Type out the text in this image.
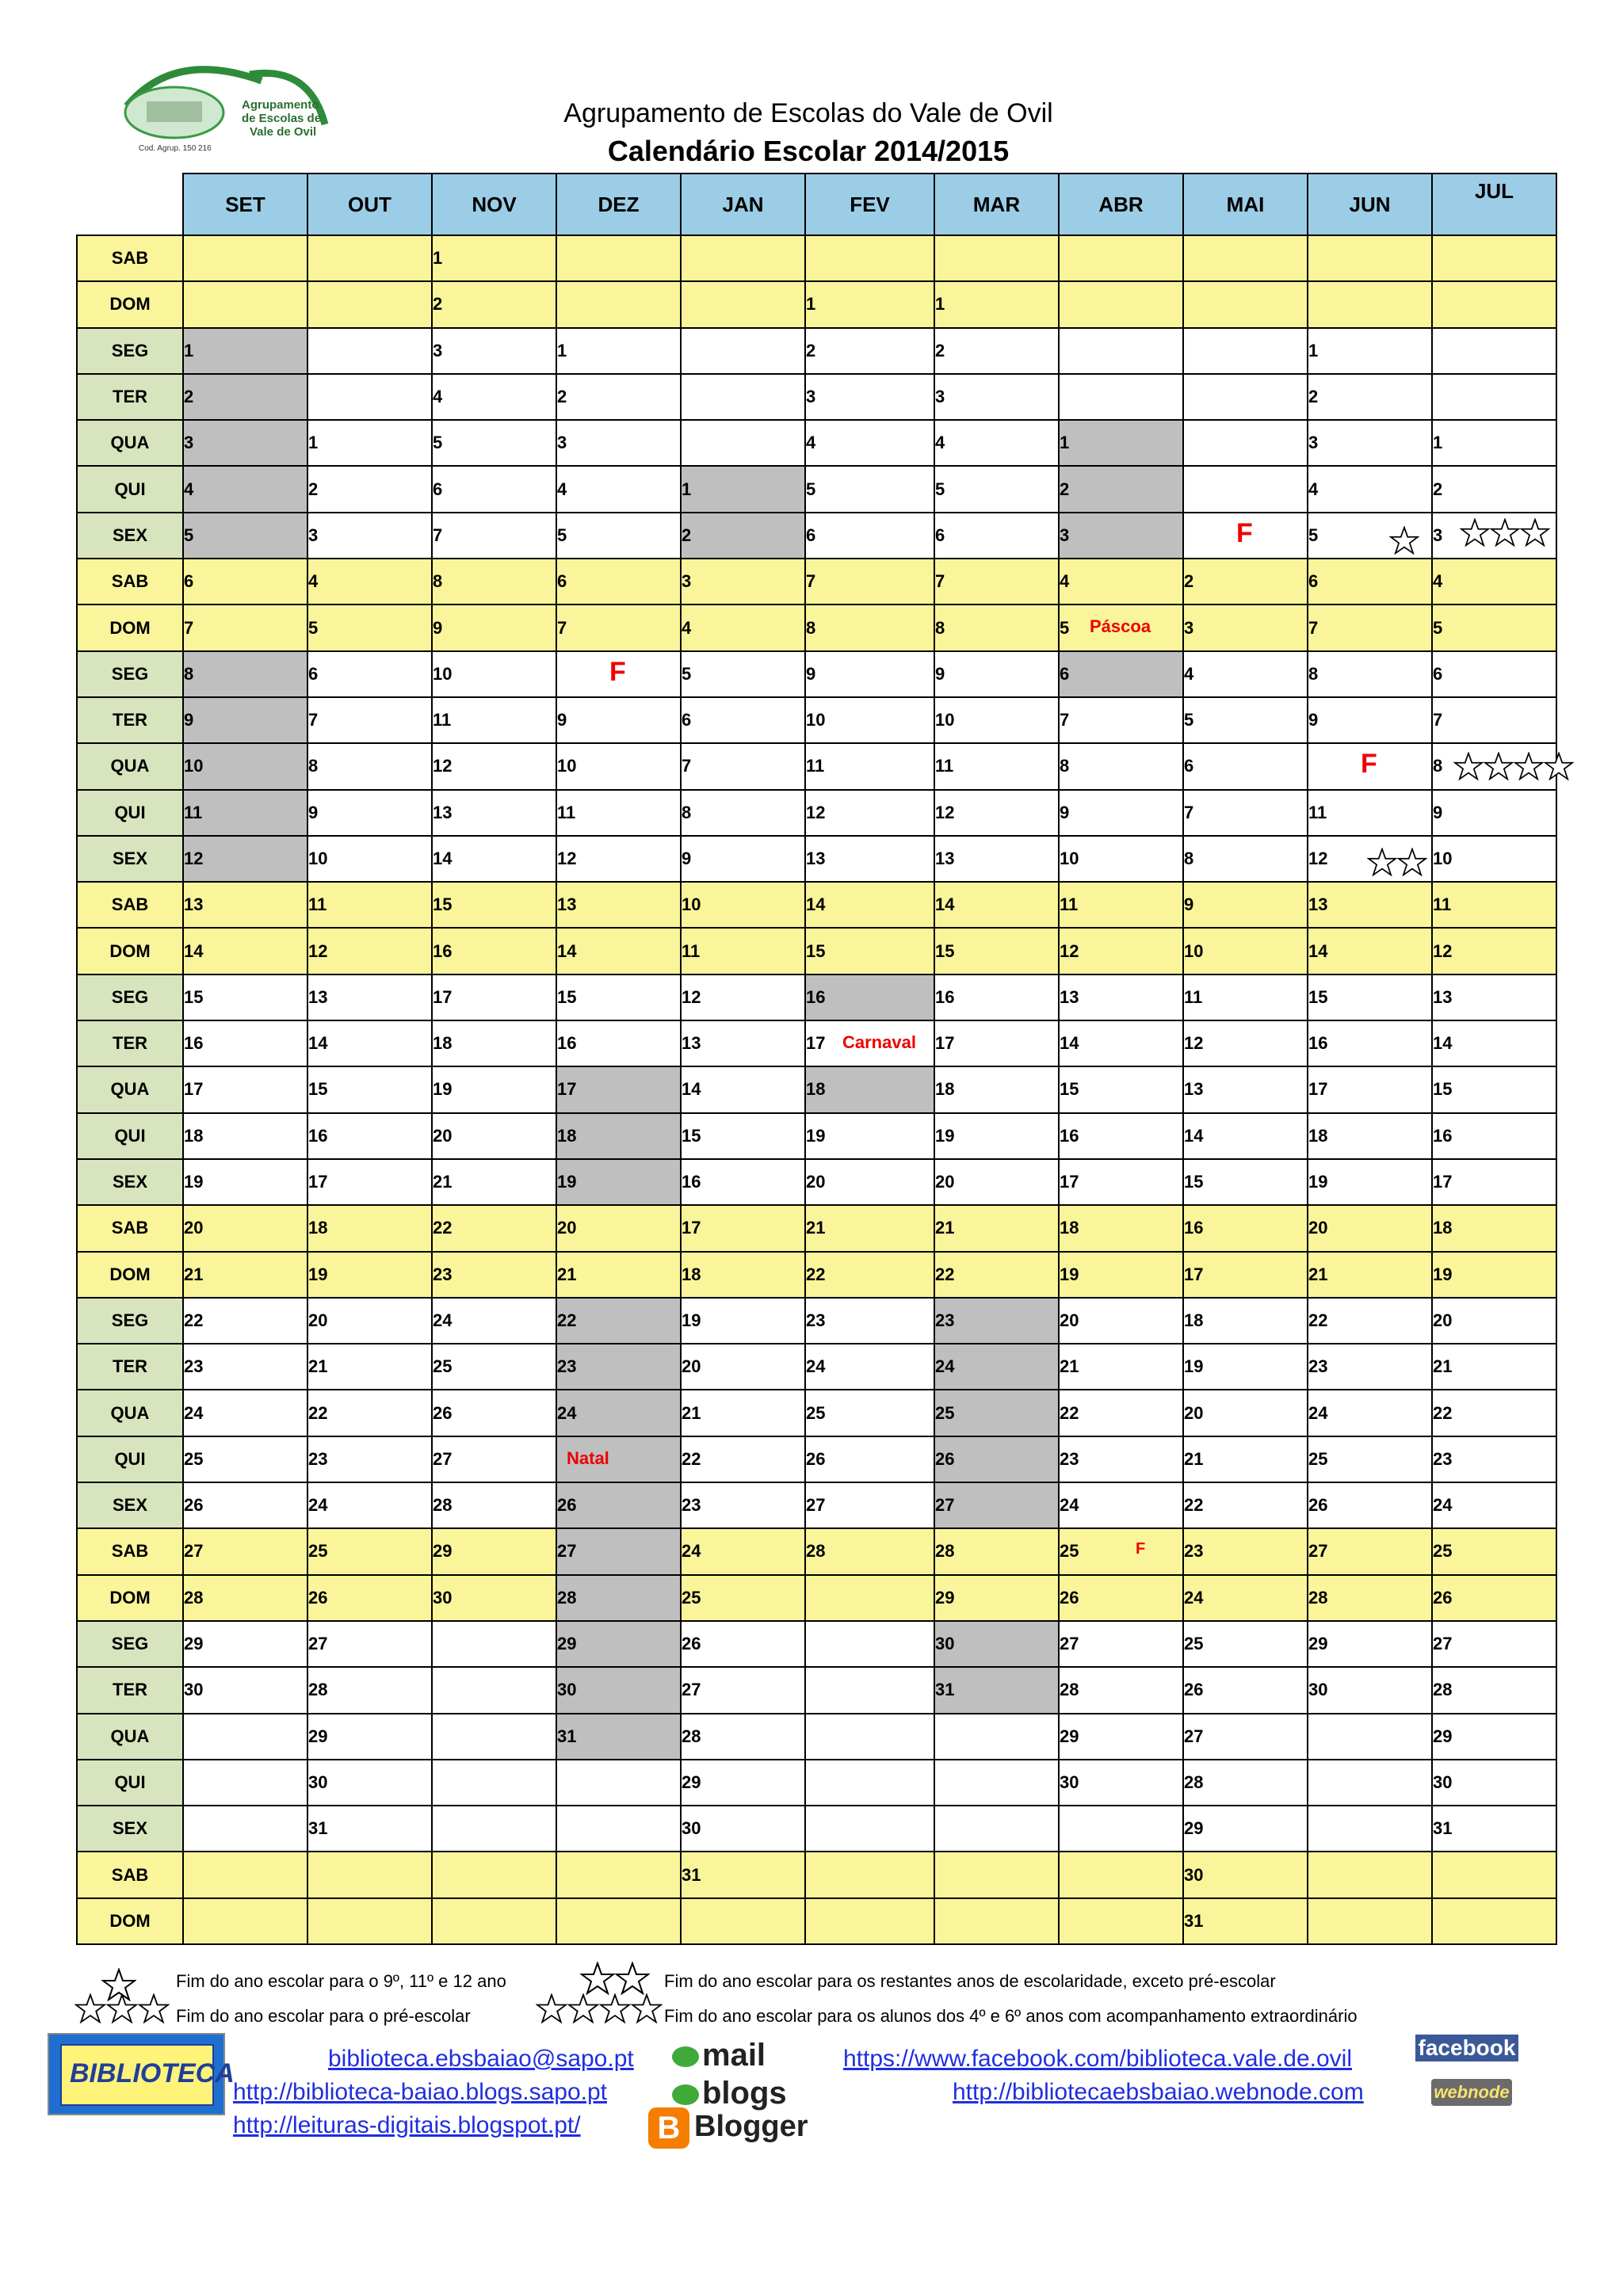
Agrupamento
de Escolas de
Vale de Ovil
Cod. Agrup. 150 216
Agrupamento de Escolas do Vale de Ovil
Calendário Escolar 2014/2015
	SET	OUT	NOV	DEZ	JAN	FEV	MAR	ABR	MAI	JUN	JUL
SAB			1								
DOM			2			1	1				
SEG	1		3	1		2	2			1	
TER	2		4	2		3	3			2	
QUA	3	1	5	3		4	4	1		3	1
QUI	4	2	6	4	1	5	5	2		4	2
SEX	5	3	7	5	2	6	6	3	F	5	3

SAB	6	4	8	6	3	7	7	4	2	6	4
DOM	7	5	9	7	4	8	8	5 Páscoa	3	7	5
SEG	8	6	10	F	5	9	9	6	4	8	6
TER	9	7	11	9	6	10	10	7	5	9	7
QUA	10	8	12	10	7	11	11	8	6	F	8

QUI	11	9	13	11	8	12	12	9	7	11	9
SEX	12	10	14	12	9	13	13	10	8	12	10
SAB	13	11	15	13	10	14	14	11	9	13	11
DOM	14	12	16	14	11	15	15	12	10	14	12
SEG	15	13	17	15	12	16	16	13	11	15	13
TER	16	14	18	16	13	17 Carnaval	17	14	12	16	14
QUA	17	15	19	17	14	18	18	15	13	17	15
QUI	18	16	20	18	15	19	19	16	14	18	16
SEX	19	17	21	19	16	20	20	17	15	19	17
SAB	20	18	22	20	17	21	21	18	16	20	18
DOM	21	19	23	21	18	22	22	19	17	21	19
SEG	22	20	24	22	19	23	23	20	18	22	20
TER	23	21	25	23	20	24	24	21	19	23	21
QUA	24	22	26	24	21	25	25	22	20	24	22
QUI	25	23	27	Natal	22	26	26	23	21	25	23
SEX	26	24	28	26	23	27	27	24	22	26	24
SAB	27	25	29	27	24	28	28	25 F	23	27	25
DOM	28	26	30	28	25		29	26	24	28	26
SEG	29	27		29	26		30	27	25	29	27
TER	30	28		30	27		31	28	26	30	28
QUA		29		31	28			29	27		29
QUI		30			29			30	28		30
SEX		31			30				29		31
SAB					31				30		
DOM									31		
Fim do ano escolar para o 9º, 11º e 12 ano	Fim do ano escolar para os restantes anos de escolaridade, exceto pré-escolar
Fim do ano escolar para o pré-escolar	Fim do ano escolar para os alunos dos 4º e 6º anos com acompanhamento extraordinário
BIBLIOTECA	biblioteca.ebsbaiao@sapo.pt
http://biblioteca-baiao.blogs.sapo.pt
http://leituras-digitais.blogspot.pt/
mail
blogs
B Blogger
https://www.facebook.com/biblioteca.vale.de.ovil
http://bibliotecaebsbaiao.webnode.com
facebook
webnode
